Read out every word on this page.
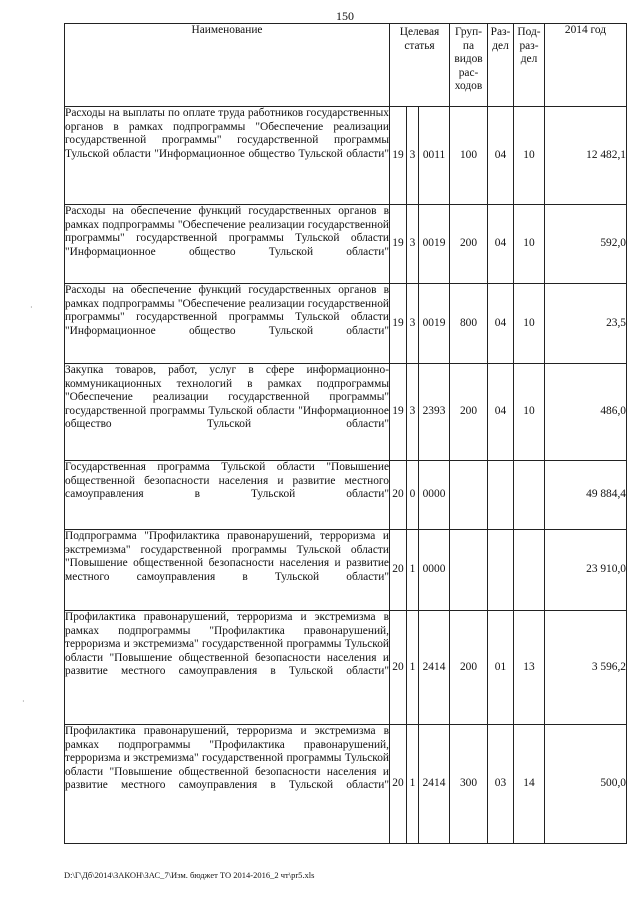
150
Наименование	Целевая
статья			Груп-
па
видов
рас-
ходов	Раз-
дел	Под-
раз-
дел	2014 год
Расходы на выплаты по оплате труда работников государственных органов в рамках подпрограммы "Обеспечение реализации государственной программы" государственной программы Тульской области "Информационное общество Тульской области"	19	3	0011	100	04	10	12 482,1
Расходы на обеспечение функций государственных органов в рамках подпрограммы "Обеспечение реализации государственной программы" государственной программы Тульской области "Информационное общество Тульской области"	19	3	0019	200	04	10	592,0
Расходы на обеспечение функций государственных органов в рамках подпрограммы "Обеспечение реализации государственной программы" государственной программы Тульской области "Информационное общество Тульской области"	19	3	0019	800	04	10	23,5
Закупка товаров, работ, услуг в сфере информационно-коммуникационных технологий в рамках подпрограммы "Обеспечение реализации государственной программы" государственной программы Тульской области "Информационное общество Тульской области"	19	3	2393	200	04	10	486,0
Государственная программа Тульской области "Повышение общественной безопасности населения и развитие местного самоуправления в Тульской области"	20	0	0000				49 884,4
Подпрограмма "Профилактика правонарушений, терроризма и экстремизма" государственной программы Тульской области "Повышение общественной безопасности населения и развитие местного самоуправления в Тульской области"	20	1	0000				23 910,0
Профилактика правонарушений, терроризма и экстремизма в рамках подпрограммы "Профилактика правонарушений, терроризма и экстремизма" государственной программы Тульской области "Повышение общественной безопасности населения и развитие местного самоуправления в Тульской области"	20	1	2414	200	01	13	3 596,2
Профилактика правонарушений, терроризма и экстремизма в рамках подпрограммы "Профилактика правонарушений, терроризма и экстремизма" государственной программы Тульской области "Повышение общественной безопасности населения и развитие местного самоуправления в Тульской области"	20	1	2414	300	03	14	500,0
D:\Г\Дб\2014\ЗАКОН\ЗАС_7\Изм. бюджет ТО 2014-2016_2 чт\pr5.xls
·
·
